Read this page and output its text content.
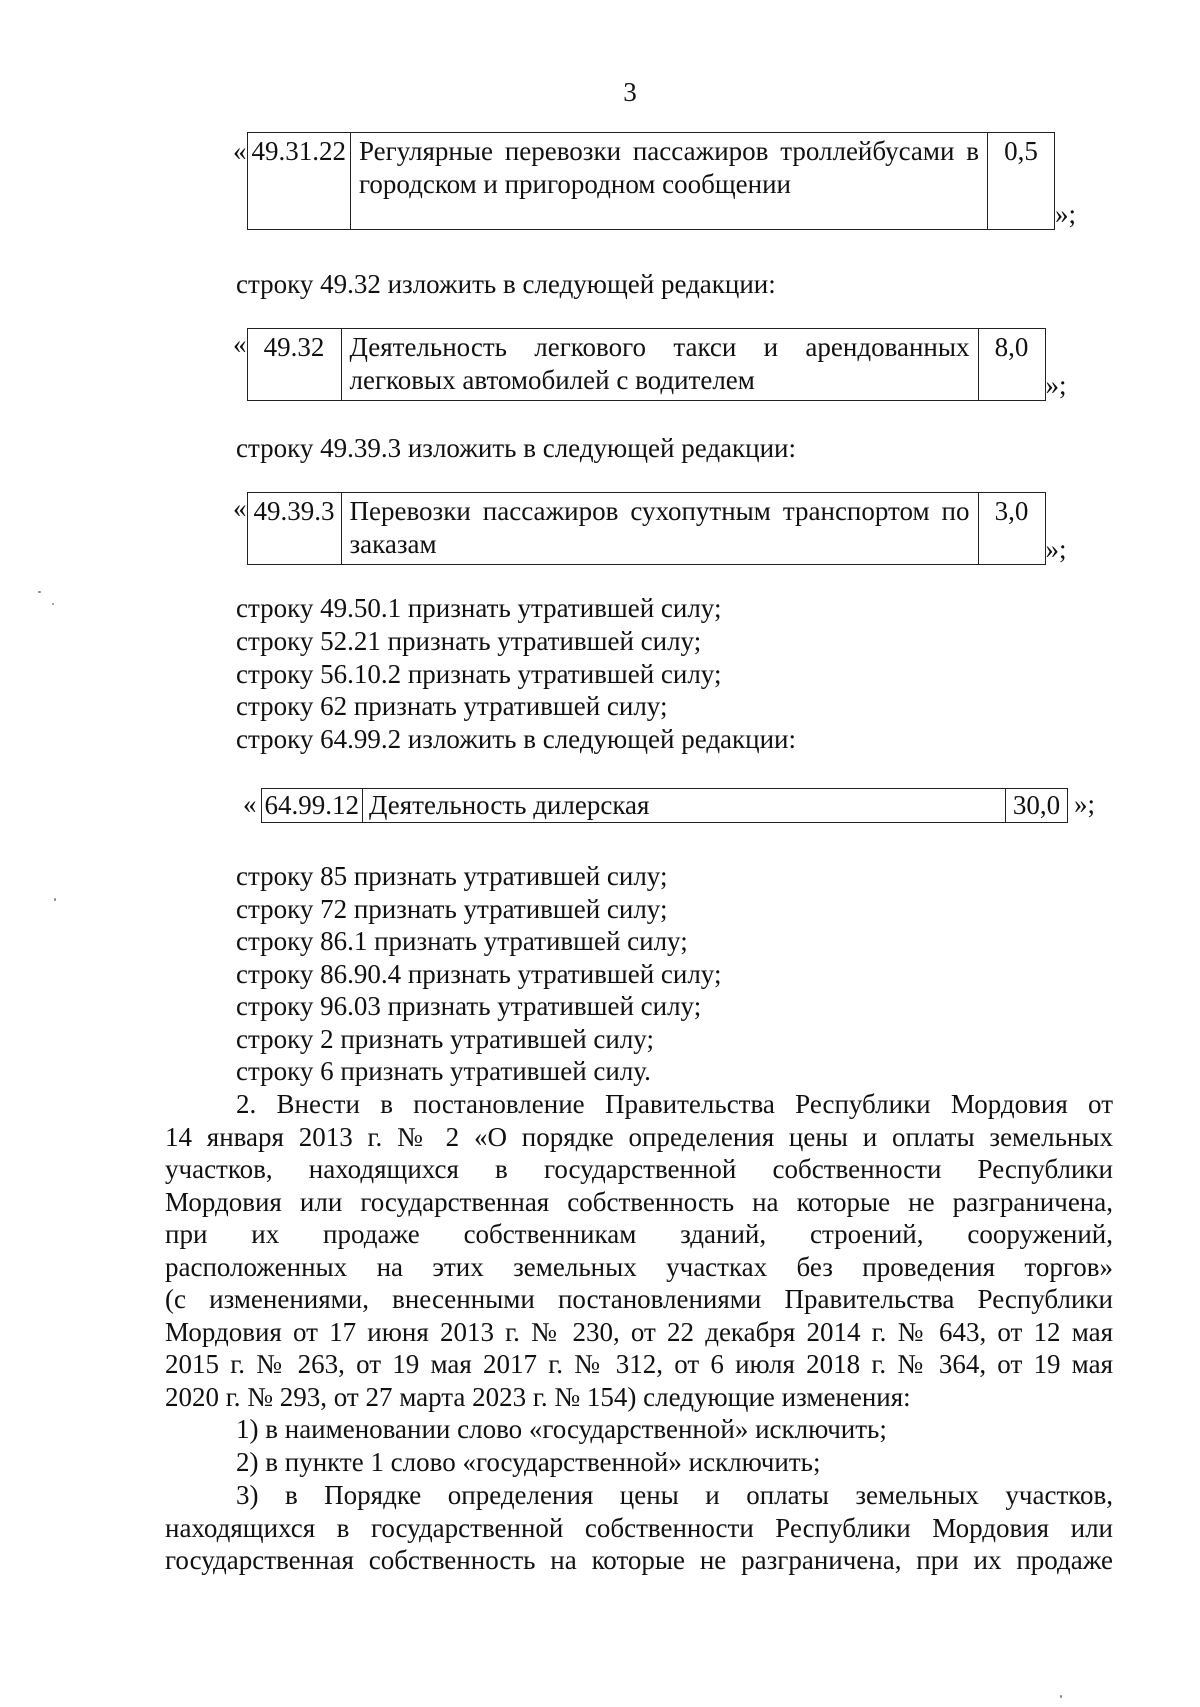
3
« 49.31.22	Регулярные перевозки пассажиров троллейбусами в городском и пригородном сообщении	0,5
»;
строку 49.32 изложить в следующей редакции:
« 49.32	Деятельность легкового такси и арендованных легковых автомобилей с водителем	8,0
»;
строку 49.39.3 изложить в следующей редакции:
« 49.39.3	Перевозки пассажиров сухопутным транспортом по заказам	3,0
»;
строку 49.50.1 признать утратившей силу;
строку 52.21 признать утратившей силу;
строку 56.10.2 признать утратившей силу;
строку 62 признать утратившей силу;
строку 64.99.2 изложить в следующей редакции:
« 64.99.12	Деятельность дилерская	30,0 »;
строку 85 признать утратившей силу;
строку 72 признать утратившей силу;
строку 86.1 признать утратившей силу;
строку 86.90.4 признать утратившей силу;
строку 96.03 признать утратившей силу;
строку 2 признать утратившей силу;
строку 6 признать утратившей силу.
2. Внести в постановление Правительства Республики Мордовия от
14 января 2013 г. № 2 «О порядке определения цены и оплаты земельных
участков, находящихся в государственной собственности Республики
Мордовия или государственная собственность на которые не разграничена,
при их продаже собственникам зданий, строений, сооружений,
расположенных на этих земельных участках без проведения торгов»
(с изменениями, внесенными постановлениями Правительства Республики
Мордовия от 17 июня 2013 г. № 230, от 22 декабря 2014 г. № 643, от 12 мая
2015 г. № 263, от 19 мая 2017 г. № 312, от 6 июля 2018 г. № 364, от 19 мая
2020 г. № 293, от 27 марта 2023 г. № 154) следующие изменения:
1) в наименовании слово «государственной» исключить;
2) в пункте 1 слово «государственной» исключить;
3) в Порядке определения цены и оплаты земельных участков,
находящихся в государственной собственности Республики Мордовия или
государственная собственность на которые не разграничена, при их продаже
